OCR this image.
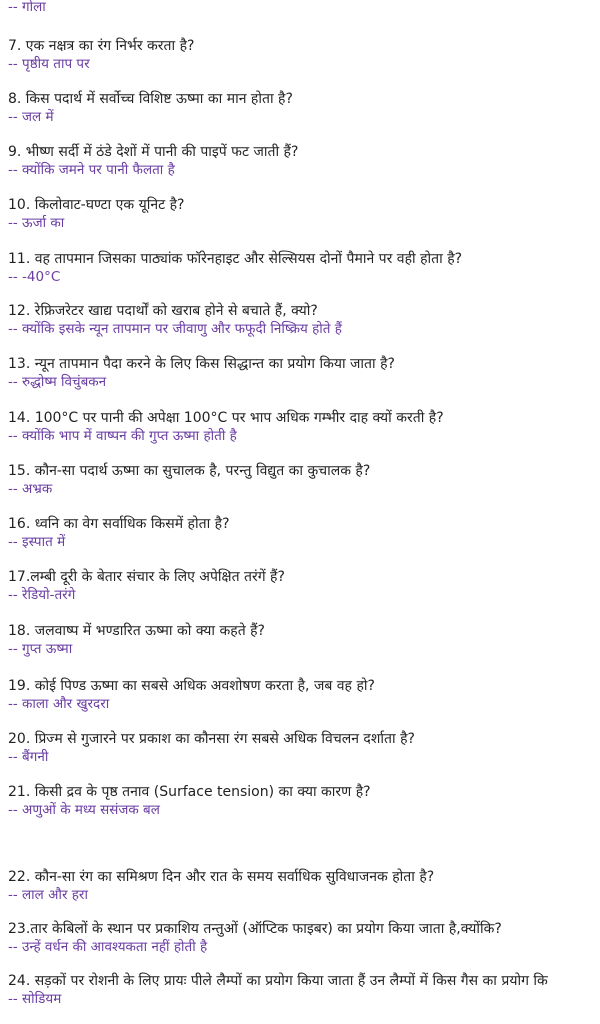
-- गोला
7. एक नक्षत्र का रंग निर्भर करता है?
-- पृष्ठीय ताप पर
8. किस पदार्थ में सर्वोच्च विशिष्ट ऊष्मा का मान होता है?
-- जल में
9. भीष्ण सर्दी में ठंडे देशों में पानी की पाइपें फट जाती हैं?
-- क्योंकि जमने पर पानी फैलता है
10. किलोवाट-घण्टा एक यूनिट है?
-- ऊर्जा का
11. वह तापमान जिसका पाठ्यांक फॉरेनहाइट और सेल्सियस दोनों पैमाने पर वही होता है?
-- -40°C
12. रेफ्रिजरेटर खाद्य पदार्थों को खराब होने से बचाते हैं, क्यो?
-- क्योंकि इसके न्यून तापमान पर जीवाणु और फफूदी निष्क्रिय होते हैं
13. न्यून तापमान पैदा करने के लिए किस सिद्धान्त का प्रयोग किया जाता है?
-- रुद्धोष्म विचुंबकन
14. 100°C पर पानी की अपेक्षा 100°C पर भाप अधिक गम्भीर दाह क्यों करती है?
-- क्योंकि भाप में वाष्पन की गुप्त ऊष्मा होती है
15. कौन-सा पदार्थ ऊष्मा का सुचालक है, परन्तु विद्युत का कुचालक है?
-- अभ्रक
16. ध्वनि का वेग सर्वाधिक किसमें होता है?
-- इस्पात में
17.लम्बी दूरी के बेतार संचार के लिए अपेक्षित तरंगें हैं?
-- रेडियो-तरंगे
18. जलवाष्प में भण्डारित ऊष्मा को क्या कहते हैं?
-- गुप्त ऊष्मा
19. कोई पिण्ड ऊष्मा का सबसे अधिक अवशोषण करता है, जब वह हो?
-- काला और खुरदरा
20. प्रिज्म से गुजारने पर प्रकाश का कौनसा रंग सबसे अधिक विचलन दर्शाता है?
-- बैंगनी
21. किसी द्रव के पृष्ठ तनाव (Surface tension) का क्या कारण है?
-- अणुओं के मध्य ससंजक बल
22. कौन-सा रंग का समिश्रण दिन और रात के समय सर्वाधिक सुविधाजनक होता है?
-- लाल और हरा
23.तार केबिलों के स्थान पर प्रकाशिय तन्तुओं (ऑप्टिक फाइबर) का प्रयोग किया जाता है,क्योंकि?
-- उन्हें वर्धन की आवश्यकता नहीं होती है
24. सड़कों पर रोशनी के लिए प्रायः पीले लैम्पों का प्रयोग किया जाता हैं उन लैम्पों में किस गैस का प्रयोग कि
-- सोडियम
